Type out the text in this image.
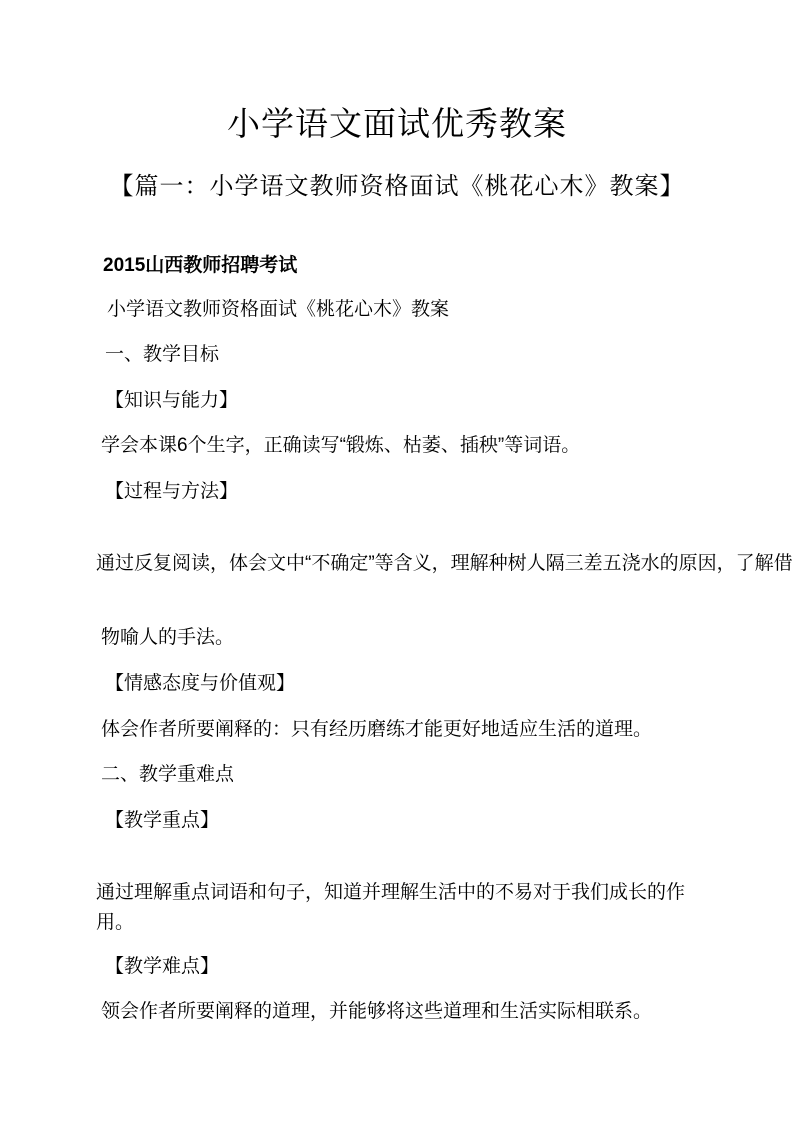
小学语文面试优秀教案
【篇一：小学语文教师资格面试《桃花心木》教案】
2015山西教师招聘考试
小学语文教师资格面试《桃花心木》教案
一、教学目标
【知识与能力】
学会本课6个生字，正确读写“锻炼、枯萎、插秧”等词语。
【过程与方法】
通过反复阅读，体会文中“不确定”等含义，理解种树人隔三差五浇水的原因，了解借
物喻人的手法。
【情感态度与价值观】
体会作者所要阐释的：只有经历磨练才能更好地适应生活的道理。
二、教学重难点
【教学重点】
通过理解重点词语和句子，知道并理解生活中的不易对于我们成长的作用。
【教学难点】
领会作者所要阐释的道理，并能够将这些道理和生活实际相联系。
